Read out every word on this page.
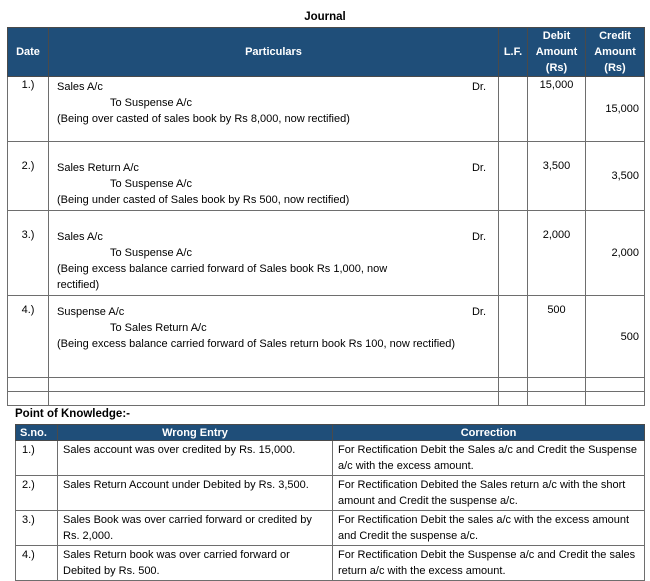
Journal
Date	Particulars	L.F.	Debit
Amount
(Rs)	Credit
Amount
(Rs)
1.)	Sales A/c Dr.
To Suspense A/c
(Being over casted of sales book by Rs 8,000, now rectified)		15,000	15,000
2.)	Sales Return A/c Dr.
To Suspense A/c
(Being under casted of Sales book by Rs 500, now rectified)		3,500	3,500
3.)	Sales A/c Dr.
To Suspense A/c
(Being excess balance carried forward of Sales book Rs 1,000, now rectified)		2,000	2,000
4.)	Suspense A/c Dr.
To Sales Return A/c
(Being excess balance carried forward of Sales return book Rs 100, now rectified)		500	500

Point of Knowledge:-
S.no.	Wrong Entry	Correction
1.)	Sales account was over credited by Rs. 15,000.	For Rectification Debit the Sales a/c and Credit the Suspense a/c with the excess amount.
2.)	Sales Return Account under Debited by Rs. 3,500.	For Rectification Debited the Sales return a/c with the short amount and Credit the suspense a/c.
3.)	Sales Book was over carried forward or credited by Rs. 2,000.	For Rectification Debit the sales a/c with the excess amount and Credit the suspense a/c.
4.)	Sales Return book was over carried forward or Debited by Rs. 500.	For Rectification Debit the Suspense a/c and Credit the sales return a/c with the excess amount.
